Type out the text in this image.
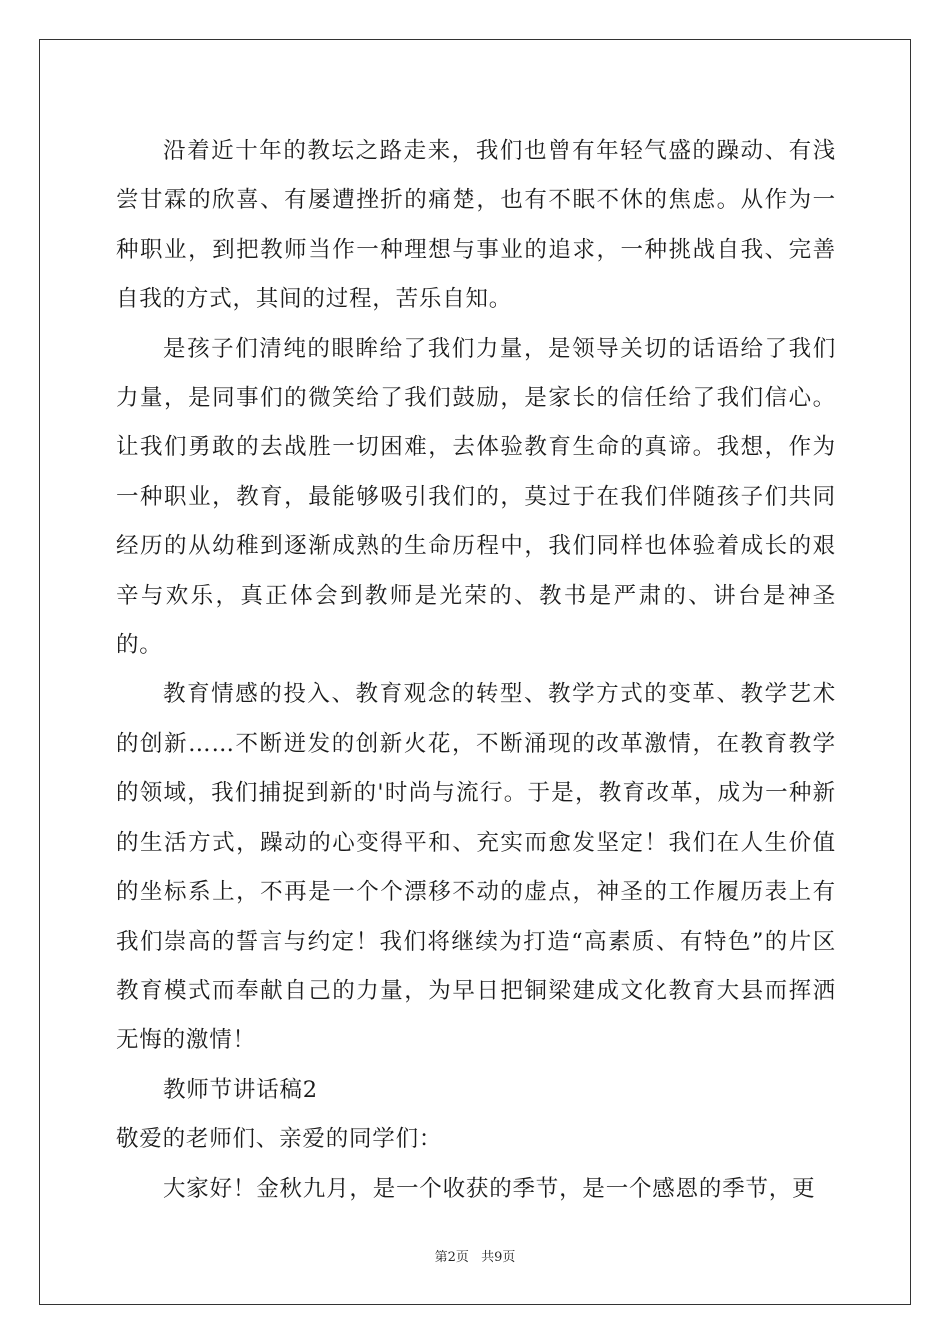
沿着近十年的教坛之路走来，我们也曾有年轻气盛的躁动、有浅尝甘霖的欣喜、有屡遭挫折的痛楚，也有不眠不休的焦虑。从作为一种职业，到把教师当作一种理想与事业的追求，一种挑战自我、完善自我的方式，其间的过程，苦乐自知。

是孩子们清纯的眼眸给了我们力量，是领导关切的话语给了我们力量，是同事们的微笑给了我们鼓励，是家长的信任给了我们信心。让我们勇敢的去战胜一切困难，去体验教育生命的真谛。我想，作为一种职业，教育，最能够吸引我们的，莫过于在我们伴随孩子们共同经历的从幼稚到逐渐成熟的生命历程中，我们同样也体验着成长的艰辛与欢乐，真正体会到教师是光荣的、教书是严肃的、讲台是神圣的。

教育情感的投入、教育观念的转型、教学方式的变革、教学艺术的创新……不断迸发的创新火花，不断涌现的改革激情，在教育教学的领域，我们捕捉到新的'时尚与流行。于是，教育改革，成为一种新的生活方式，躁动的心变得平和、充实而愈发坚定！我们在人生价值的坐标系上，不再是一个个漂移不动的虚点，神圣的工作履历表上有我们崇高的誓言与约定！我们将继续为打造“高素质、有特色”的片区教育模式而奉献自己的力量，为早日把铜梁建成文化教育大县而挥洒无悔的激情！

教师节讲话稿2

敬爱的老师们、亲爱的同学们：

大家好！金秋九月，是一个收获的季节，是一个感恩的季节，更

第2页 共9页
